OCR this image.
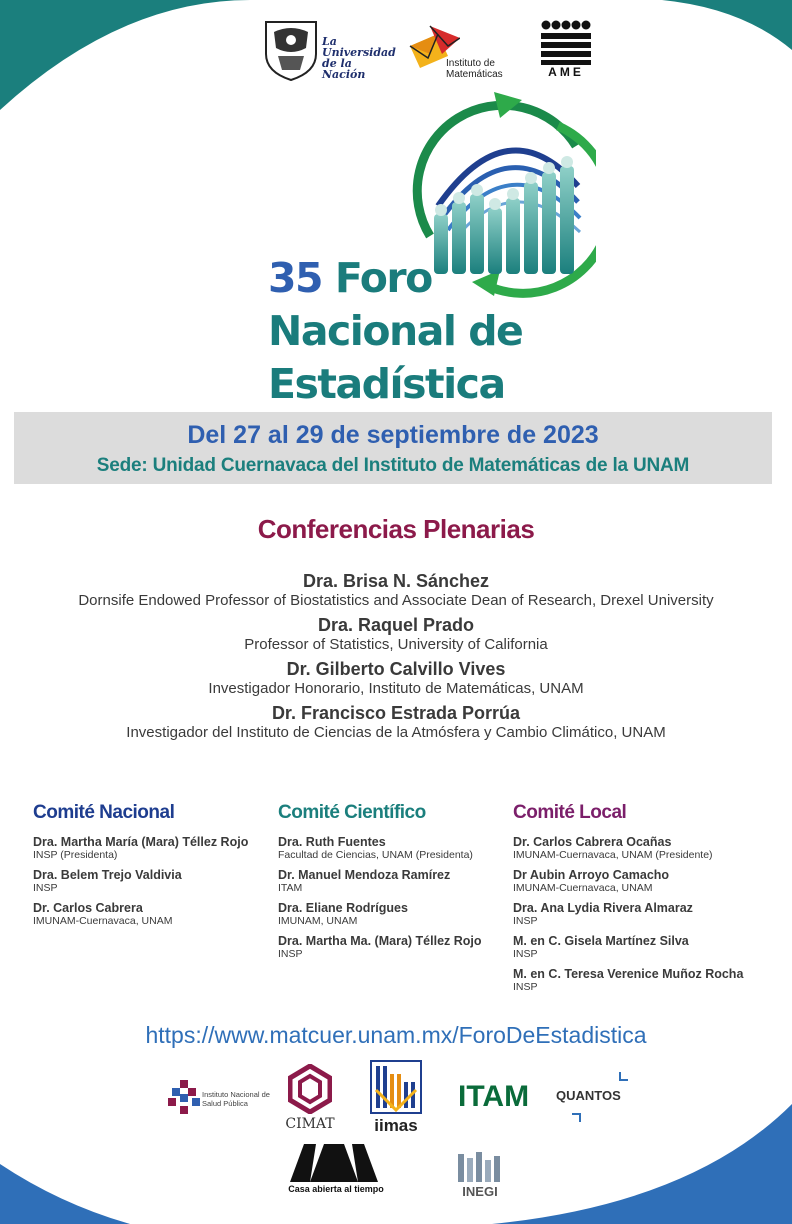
La Universidad de la Nación
Instituto de Matemáticas	AME
35 Foro
Nacional de
Estadística
Del 27 al 29 de septiembre de 2023
Sede: Unidad Cuernavaca del Instituto de Matemáticas de la UNAM
Conferencias Plenarias
Dra. Brisa N. Sánchez
Dornsife Endowed Professor of Biostatistics and Associate Dean of Research, Drexel University
Dra. Raquel Prado
Professor of Statistics, University of California
Dr. Gilberto Calvillo Vives
Investigador Honorario, Instituto de Matemáticas, UNAM
Dr. Francisco Estrada Porrúa
Investigador del Instituto de Ciencias de la Atmósfera y Cambio Climático, UNAM
Comité Nacional
Dra. Martha María (Mara) Téllez Rojo
INSP (Presidenta)
Dra. Belem Trejo Valdivia
INSP
Dr. Carlos Cabrera
IMUNAM-Cuernavaca, UNAM
Comité Científico
Dra. Ruth Fuentes
Facultad de Ciencias, UNAM (Presidenta)
Dr. Manuel Mendoza Ramírez
ITAM
Dra. Eliane Rodrígues
IMUNAM, UNAM
Dra. Martha Ma. (Mara) Téllez Rojo
INSP
Comité Local
Dr. Carlos Cabrera Ocañas
IMUNAM-Cuernavaca, UNAM (Presidente)
Dr Aubin Arroyo Camacho
IMUNAM-Cuernavaca, UNAM
Dra. Ana Lydia Rivera Almaraz
INSP
M. en C. Gisela Martínez Silva
INSP
M. en C. Teresa Verenice Muñoz Rocha
INSP
https://www.matcuer.unam.mx/ForoDeEstadistica
Instituto Nacional de Salud Pública
CIMAT	iimas
ITAM QUANTOS
Casa abierta al tiempo	INEGI
